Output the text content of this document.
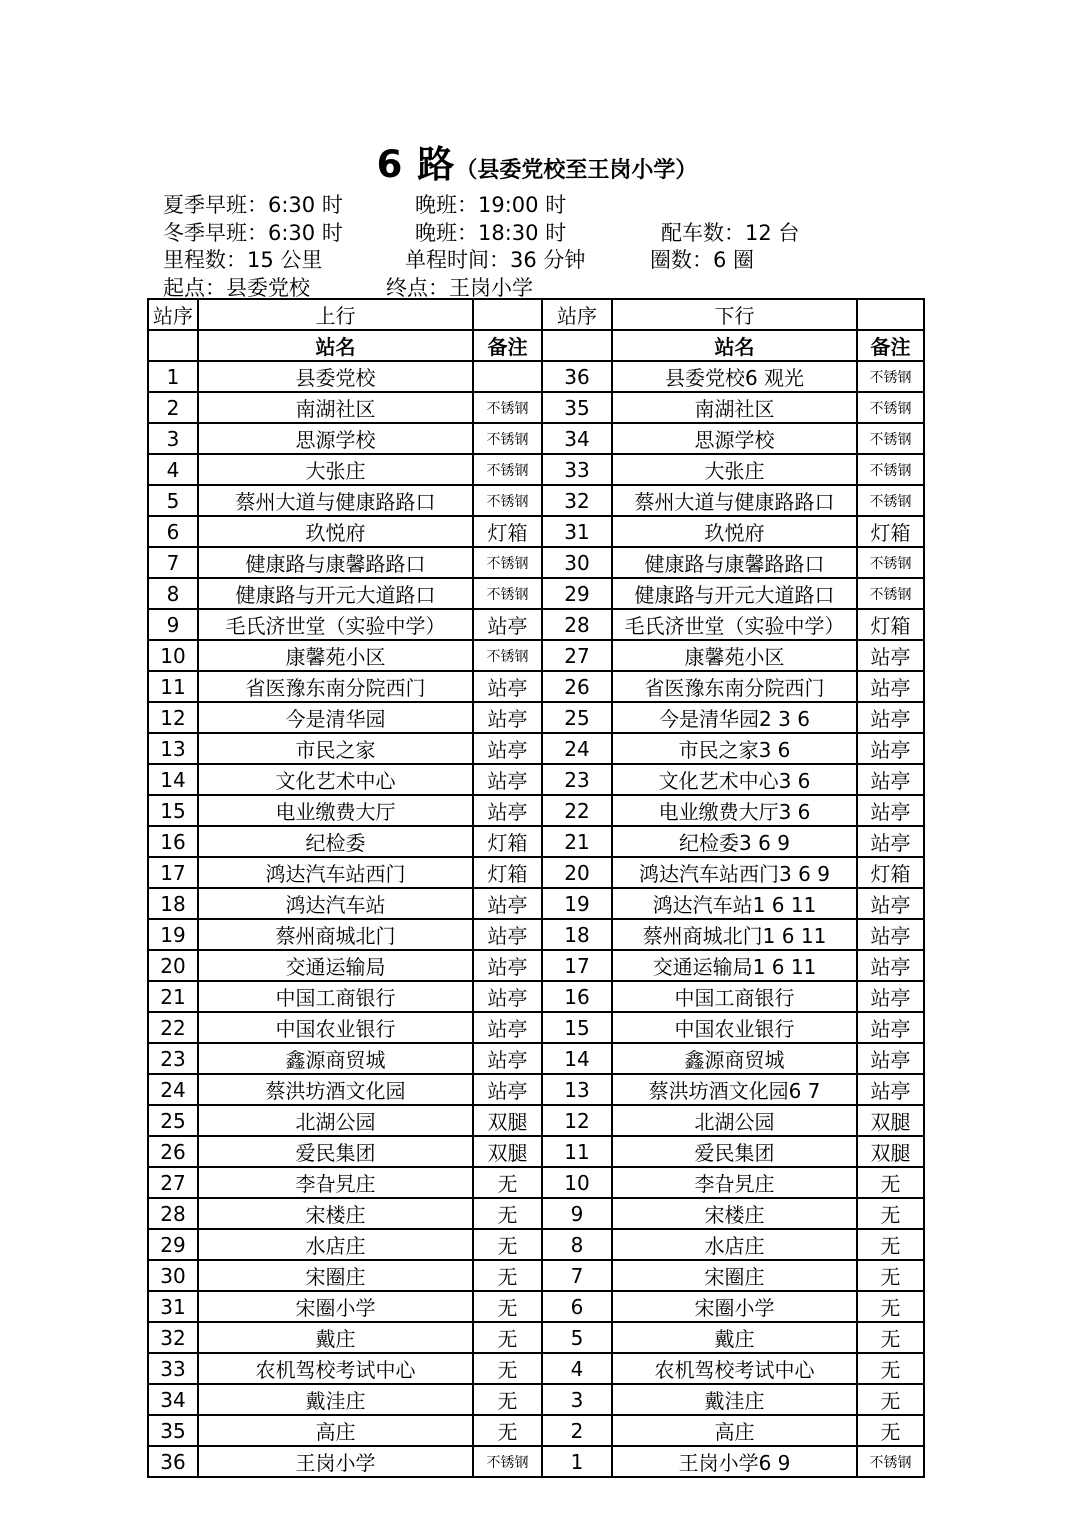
6 路（县委党校至王岗小学）
夏季早班：6:30 时	晚班：19:00 时
冬季早班：6:30 时	晚班：18:30 时	配车数：12 台
里程数：15 公里	单程时间：36 分钟	圈数：6 圈
起点：县委党校	终点：王岗小学
站序	上行		站序	下行	
	站名	备注		站名	备注
1	县委党校		36	县委党校6 观光	不锈钢
2	南湖社区	不锈钢	35	南湖社区	不锈钢
3	思源学校	不锈钢	34	思源学校	不锈钢
4	大张庄	不锈钢	33	大张庄	不锈钢
5	蔡州大道与健康路路口	不锈钢	32	蔡州大道与健康路路口	不锈钢
6	玖悦府	灯箱	31	玖悦府	灯箱
7	健康路与康馨路路口	不锈钢	30	健康路与康馨路路口	不锈钢
8	健康路与开元大道路口	不锈钢	29	健康路与开元大道路口	不锈钢
9	毛氏济世堂（实验中学）	站亭	28	毛氏济世堂（实验中学）	灯箱
10	康馨苑小区	不锈钢	27	康馨苑小区	站亭
11	省医豫东南分院西门	站亭	26	省医豫东南分院西门	站亭
12	今是清华园	站亭	25	今是清华园2 3 6	站亭
13	市民之家	站亭	24	市民之家3 6	站亭
14	文化艺术中心	站亭	23	文化艺术中心3 6	站亭
15	电业缴费大厅	站亭	22	电业缴费大厅3 6	站亭
16	纪检委	灯箱	21	纪检委3 6 9	站亭
17	鸿达汽车站西门	灯箱	20	鸿达汽车站西门3 6 9	灯箱
18	鸿达汽车站	站亭	19	鸿达汽车站1 6 11	站亭
19	蔡州商城北门	站亭	18	蔡州商城北门1 6 11	站亭
20	交通运输局	站亭	17	交通运输局1 6 11	站亭
21	中国工商银行	站亭	16	中国工商银行	站亭
22	中国农业银行	站亭	15	中国农业银行	站亭
23	鑫源商贸城	站亭	14	鑫源商贸城	站亭
24	蔡洪坊酒文化园	站亭	13	蔡洪坊酒文化园6 7	站亭
25	北湖公园	双腿	12	北湖公园	双腿
26	爱民集团	双腿	11	爱民集团	双腿
27	李旮旯庄	无	10	李旮旯庄	无
28	宋楼庄	无	9	宋楼庄	无
29	水店庄	无	8	水店庄	无
30	宋圈庄	无	7	宋圈庄	无
31	宋圈小学	无	6	宋圈小学	无
32	戴庄	无	5	戴庄	无
33	农机驾校考试中心	无	4	农机驾校考试中心	无
34	戴洼庄	无	3	戴洼庄	无
35	高庄	无	2	高庄	无
36	王岗小学	不锈钢	1	王岗小学6 9	不锈钢
